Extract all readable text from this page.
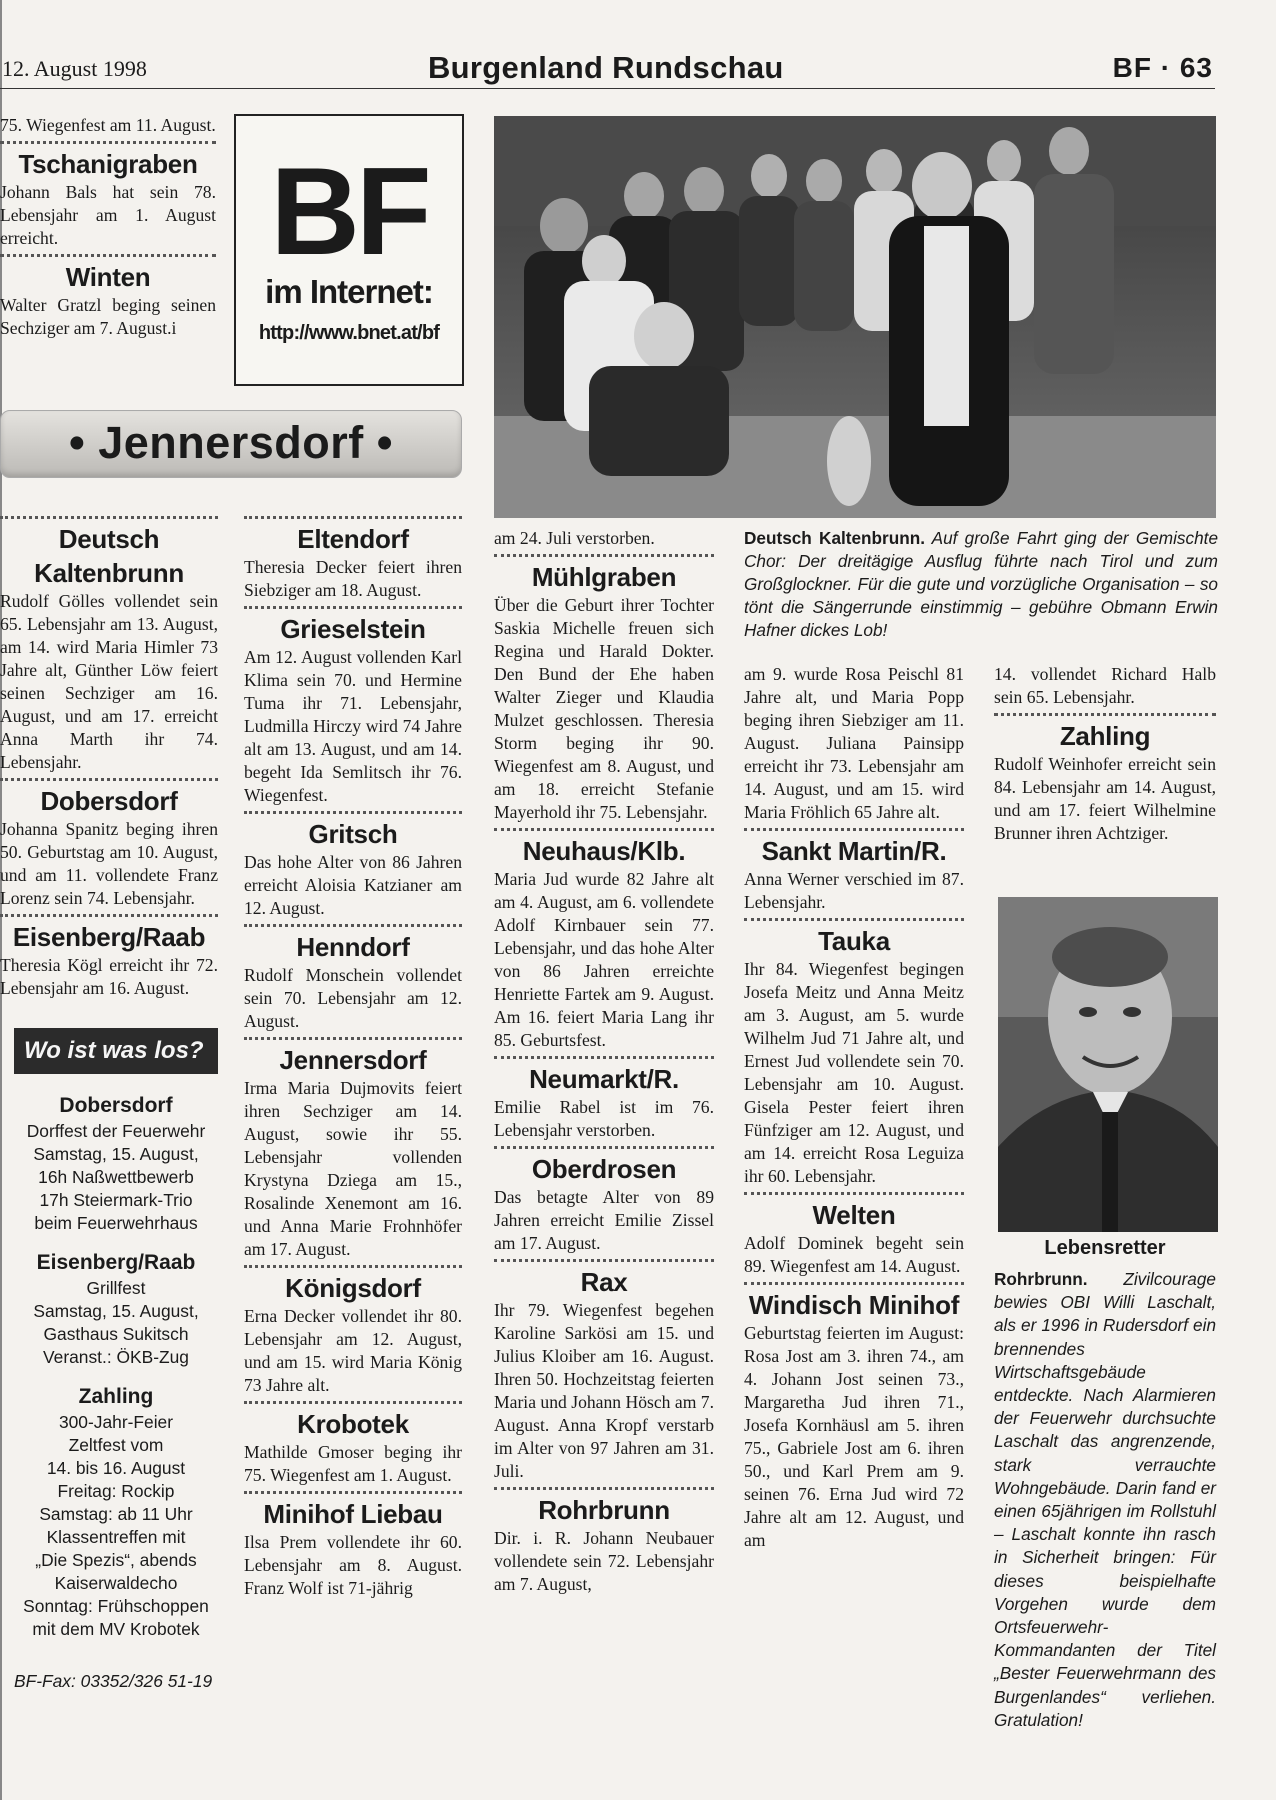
12. August 1998	Burgenland Rundschau	BF · 63

75. Wiegenfest am 11. August.

Tschanigraben

Johann Bals hat sein 78. Lebensjahr am 1. August erreicht.

Winten

Walter Gratzl beging seinen Sechziger am 7. August.i

BF
im Internet:
http://www.bnet.at/bf
• Jennersdorf •
Deutsch Kaltenbrunn

Rudolf Gölles vollendet sein 65. Lebensjahr am 13. August, am 14. wird Maria Himler 73 Jahre alt, Günther Löw feiert seinen Sechziger am 16. August, und am 17. erreicht Anna Marth ihr 74. Lebensjahr.

Dobersdorf

Johanna Spanitz beging ihren 50. Geburtstag am 10. August, und am 11. vollendete Franz Lorenz sein 74. Lebensjahr.

Eisenberg/Raab

Theresia Kögl erreicht ihr 72. Lebensjahr am 16. August.

Wo ist was los?
Dobersdorf
Dorffest der Feuerwehr
Samstag, 15. August,
16h Naßwettbewerb
17h Steiermark-Trio
beim Feuerwehrhaus
Eisenberg/Raab
Grillfest
Samstag, 15. August,
Gasthaus Sukitsch
Veranst.: ÖKB-Zug
Zahling
300-Jahr-Feier
Zeltfest vom
14. bis 16. August
Freitag: Rockip
Samstag: ab 11 Uhr
Klassentreffen mit
„Die Spezis“, abends
Kaiserwaldecho
Sonntag: Frühschoppen
mit dem MV Krobotek
BF-Fax: 03352/326 51-19
Eltendorf

Theresia Decker feiert ihren Siebziger am 18. August.

Grieselstein

Am 12. August vollenden Karl Klima sein 70. und Hermine Tuma ihr 71. Lebensjahr, Ludmilla Hirczy wird 74 Jahre alt am 13. August, und am 14. begeht Ida Semlitsch ihr 76. Wiegenfest.

Gritsch

Das hohe Alter von 86 Jahren erreicht Aloisia Katzianer am 12. August.

Henndorf

Rudolf Monschein vollendet sein 70. Lebensjahr am 12. August.

Jennersdorf

Irma Maria Dujmovits feiert ihren Sechziger am 14. August, sowie ihr 55. Lebensjahr vollenden Krystyna Dziega am 15., Rosalinde Xenemont am 16. und Anna Marie Frohnhöfer am 17. August.

Königsdorf

Erna Decker vollendet ihr 80. Lebensjahr am 12. August, und am 15. wird Maria König 73 Jahre alt.

Krobotek

Mathilde Gmoser beging ihr 75. Wiegenfest am 1. August.

Minihof Liebau

Ilsa Prem vollendete ihr 60. Lebensjahr am 8. August. Franz Wolf ist 71-jährig

am 24. Juli verstorben.

Mühlgraben

Über die Geburt ihrer Tochter Saskia Michelle freuen sich Regina und Harald Dokter. Den Bund der Ehe haben Walter Zieger und Klaudia Mulzet geschlossen. Theresia Storm beging ihr 90. Wiegenfest am 8. August, und am 18. erreicht Stefanie Mayerhold ihr 75. Lebensjahr.

Neuhaus/Klb.

Maria Jud wurde 82 Jahre alt am 4. August, am 6. vollendete Adolf Kirnbauer sein 77. Lebensjahr, und das hohe Alter von 86 Jahren erreichte Henriette Fartek am 9. August. Am 16. feiert Maria Lang ihr 85. Geburtsfest.

Neumarkt/R.

Emilie Rabel ist im 76. Lebensjahr verstorben.

Oberdrosen

Das betagte Alter von 89 Jahren erreicht Emilie Zissel am 17. August.

Rax

Ihr 79. Wiegenfest begehen Karoline Sarkösi am 15. und Julius Kloiber am 16. August. Ihren 50. Hochzeitstag feierten Maria und Johann Hösch am 7. August. Anna Kropf verstarb im Alter von 97 Jahren am 31. Juli.

Rohrbrunn

Dir. i. R. Johann Neubauer vollendete sein 72. Lebensjahr am 7. August,

Deutsch Kaltenbrunn. Auf große Fahrt ging der Gemischte Chor: Der dreitägige Ausflug führte nach Tirol und zum Großglockner. Für die gute und vorzügliche Organisation – so tönt die Sängerrunde einstimmig – gebühre Obmann Erwin Hafner dickes Lob!

am 9. wurde Rosa Peischl 81 Jahre alt, und Maria Popp beging ihren Siebziger am 11. August. Juliana Painsipp erreicht ihr 73. Lebensjahr am 14. August, und am 15. wird Maria Fröhlich 65 Jahre alt.

Sankt Martin/R.

Anna Werner verschied im 87. Lebensjahr.

Tauka

Ihr 84. Wiegenfest begingen Josefa Meitz und Anna Meitz am 3. August, am 5. wurde Wilhelm Jud 71 Jahre alt, und Ernest Jud vollendete sein 70. Lebensjahr am 10. August. Gisela Pester feiert ihren Fünfziger am 12. August, und am 14. erreicht Rosa Leguiza ihr 60. Lebensjahr.

Welten

Adolf Dominek begeht sein 89. Wiegenfest am 14. August.

Windisch Minihof

Geburtstag feierten im August: Rosa Jost am 3. ihren 74., am 4. Johann Jost seinen 73., Margaretha Jud ihren 71., Josefa Kornhäusl am 5. ihren 75., Gabriele Jost am 6. ihren 50., und Karl Prem am 9. seinen 76. Erna Jud wird 72 Jahre alt am 12. August, und am

14. vollendet Richard Halb sein 65. Lebensjahr.

Zahling

Rudolf Weinhofer erreicht sein 84. Lebensjahr am 14. August, und am 17. feiert Wilhelmine Brunner ihren Achtziger.

Lebensretter

Rohrbrunn. Zivilcourage bewies OBI Willi Laschalt, als er 1996 in Rudersdorf ein brennendes Wirtschaftsgebäude entdeckte. Nach Alarmieren der Feuerwehr durchsuchte Laschalt das angrenzende, stark verrauchte Wohngebäude. Darin fand er einen 65jährigen im Rollstuhl – Laschalt konnte ihn rasch in Sicherheit bringen: Für dieses beispielhafte Vorgehen wurde dem Ortsfeuerwehr-Kommandanten der Titel „Bester Feuerwehrmann des Burgenlandes“ verliehen. Gratulation!
